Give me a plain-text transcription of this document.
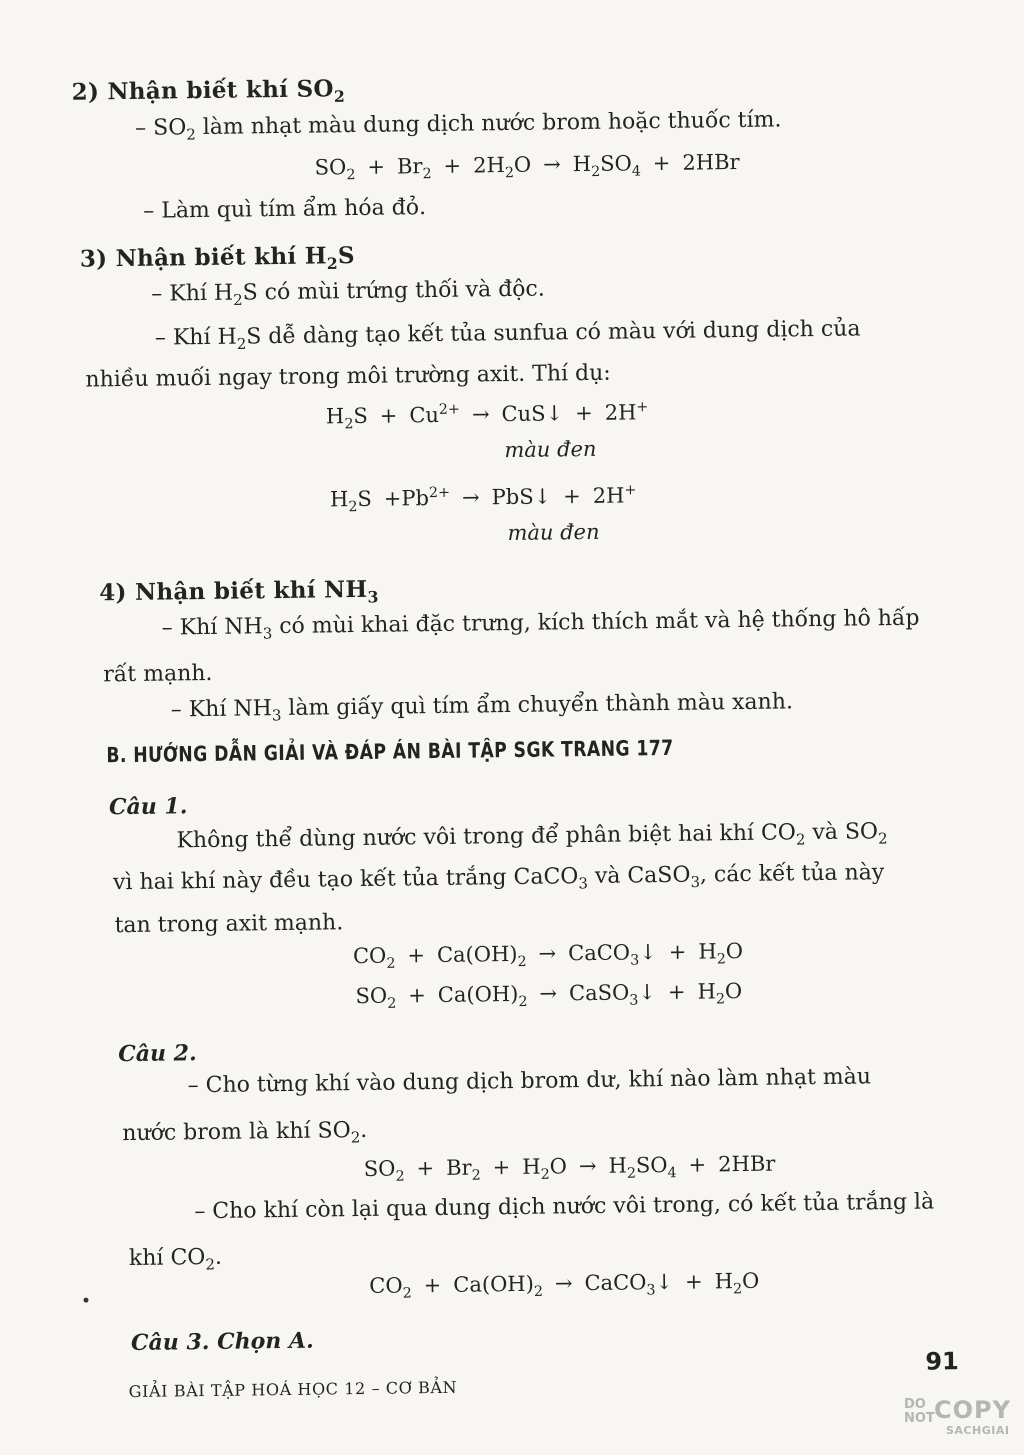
2) Nhận biết khí $SO_2$
– $SO_2$ làm nhạt màu dung dịch nước brom hoặc thuốc tím.
$SO_2 + Br_2 + 2H_2O \to H_2SO_4 + 2HBr$
– Làm quì tím ẩm hóa đỏ.
3) Nhận biết khí $H_2S$
– Khí $H_2S$ có mùi trứng thối và độc.
– Khí $H_2S$ dễ dàng tạo kết tủa sunfua có màu với dung dịch của
nhiều muối ngay trong môi trường axit. Thí dụ:
$H_2S + Cu^{2+}$ → CuS↓ + 2H+
màu đen
$H_2S +Pb^{2+}$ → PbS↓ + 2H+
màu đen
4) Nhận biết khí $NH_3$
– Khí $NH_3$ có mùi khai đặc trưng, kích thích mắt và hệ thống hô hấp
rất mạnh.
– Khí $NH_3$ làm giấy quì tím ẩm chuyển thành màu xanh.
B. HƯỚNG DẪN GIẢI VÀ ĐÁP ÁN BÀI TẬP SGK TRANG 177
Câu 1.
Không thể dùng nước vôi trong để phân biệt hai khí $CO_2$ và $SO_2$
vì hai khí này đều tạo kết tủa trắng CaCO$_3$ và CaSO$_3$, các kết tủa này
tan trong axit mạnh.
$CO_2 + Ca(OH)_2$ → CaCO$_3$↓ + $H_2O$
$SO_2 + Ca(OH)_2$ → CaSO$_3$↓ + $H_2O$
Câu 2.
– Cho từng khí vào dung dịch brom dư, khí nào làm nhạt màu
nước brom là khí $SO_2$.
$SO_2 + Br_2 + H_2O \to H_2SO_4 + 2HBr$
– Cho khí còn lại qua dung dịch nước vôi trong, có kết tủa trắng là
khí $CO_2$.
$CO_2 + Ca(OH)_2$ → CaCO$_3$↓ + $H_2O$
Câu 3. Chọn A.
GIẢI BÀI TẬP HOÁ HỌC 12 – CƠ BẢN
91
DO
NOT COPY
SACHGIAI
